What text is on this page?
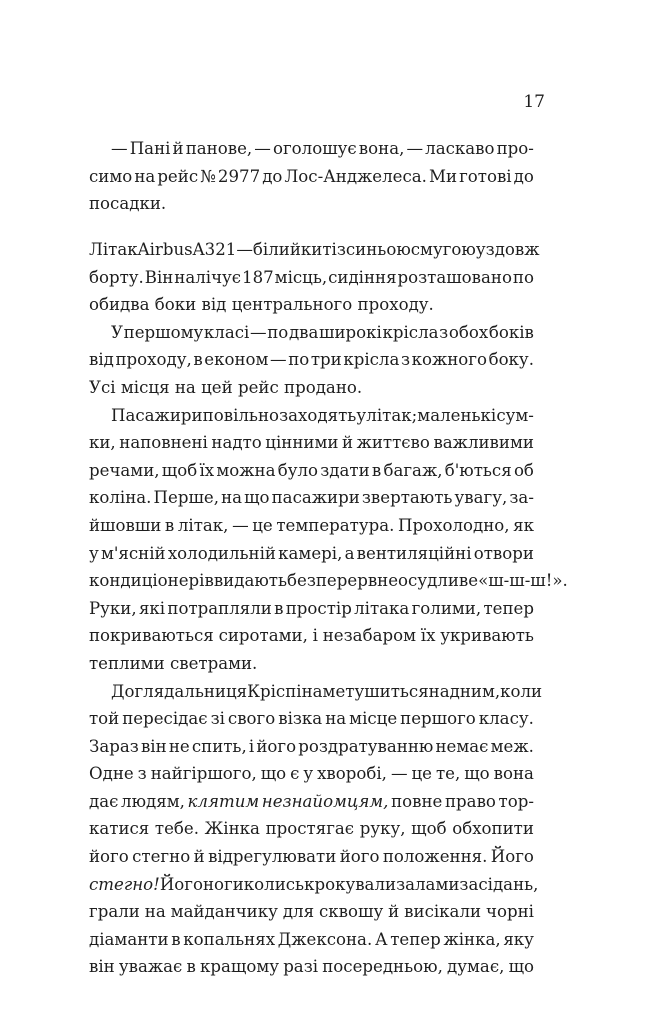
17
— Пані й панове, — оголошує вона, — ласкаво про-
симо на рейс № 2977 до Лос-Анджелеса. Ми готові до
посадки.
Літак Airbus A321 — білий кит із синьою смугою уздовж
борту. Він налічує 187 місць, сидіння розташовано по
обидва боки від центрального проходу.
У першому класі — по два широкі крісла з обох боків
від проходу, в економ — по три крісла з кожного боку.
Усі місця на цей рейс продано.
Пасажири повільно заходять у літак; маленькі сум-
ки, наповнені надто цінними й життєво важливими
речами, щоб їх можна було здати в багаж, б'ються об
коліна. Перше, на що пасажири звертають увагу, за-
йшовши в літак, — це температура. Прохолодно, як
у м'ясній холодильній камері, а вентиляційні отвори
кондиціонерів видають безперервне осудливе «ш-ш-ш!».
Руки, які потрапляли в простір літака голими, тепер
покриваються сиротами, і незабаром їх укривають
теплими светрами.
Доглядальниця Кріспіна метушиться над ним, коли
той пересідає зі свого візка на місце першого класу.
Зараз він не спить, і його роздратуванню немає меж.
Одне з найгіршого, що є у хворобі, — це те, що вона
дає людям, клятим незнайомцям, повне право тор-
катися тебе. Жінка простягає руку, щоб обхопити
його стегно й відрегулювати його положення. Його
стегно! Його ноги колись крокували залами засідань,
грали на майданчику для сквошу й висікали чорні
діаманти в копальнях Джексона. А тепер жінка, яку
він уважає в кращому разі посередньою, думає, що
